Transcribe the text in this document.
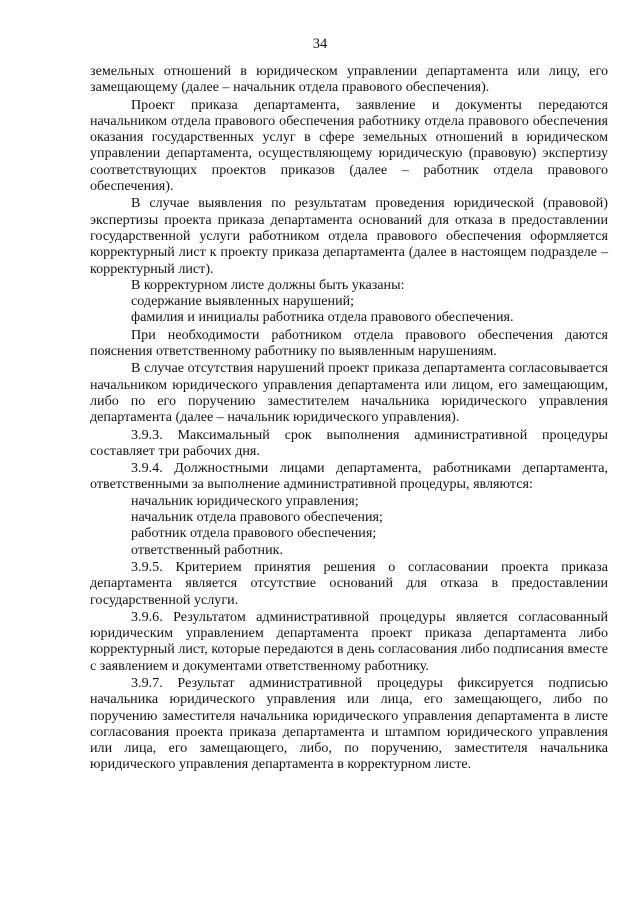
34

земельных отношений в юридическом управлении департамента или лицу, его замещающему (далее – начальник отдела правового обеспечения).

Проект приказа департамента, заявление и документы передаются начальником отдела правового обеспечения работнику отдела правового обеспечения оказания государственных услуг в сфере земельных отношений в юридическом управлении департамента, осуществляющему юридическую (правовую) экспертизу соответствующих проектов приказов (далее – работник отдела правового обеспечения).

В случае выявления по результатам проведения юридической (правовой) экспертизы проекта приказа департамента оснований для отказа в предоставлении государственной услуги работником отдела правового обеспечения оформляется корректурный лист к проекту приказа департамента (далее в настоящем подразделе – корректурный лист).

В корректурном листе должны быть указаны:

содержание выявленных нарушений;

фамилия и инициалы работника отдела правового обеспечения.

При необходимости работником отдела правового обеспечения даются пояснения ответственному работнику по выявленным нарушениям.

В случае отсутствия нарушений проект приказа департамента согласовывается начальником юридического управления департамента или лицом, его замещающим, либо по его поручению заместителем начальника юридического управления департамента (далее – начальник юридического управления).

3.9.3. Максимальный срок выполнения административной процедуры составляет три рабочих дня.

3.9.4. Должностными лицами департамента, работниками департамента, ответственными за выполнение административной процедуры, являются:

начальник юридического управления;

начальник отдела правового обеспечения;

работник отдела правового обеспечения;

ответственный работник.

3.9.5. Критерием принятия решения о согласовании проекта приказа департамента является отсутствие оснований для отказа в предоставлении государственной услуги.

3.9.6. Результатом административной процедуры является согласованный юридическим управлением департамента проект приказа департамента либо корректурный лист, которые передаются в день согласования либо подписания вместе с заявлением и документами ответственному работнику.

3.9.7. Результат административной процедуры фиксируется подписью начальника юридического управления или лица, его замещающего, либо по поручению заместителя начальника юридического управления департамента в листе согласования проекта приказа департамента и штампом юридического управления или лица, его замещающего, либо, по поручению, заместителя начальника юридического управления департамента в корректурном листе.
